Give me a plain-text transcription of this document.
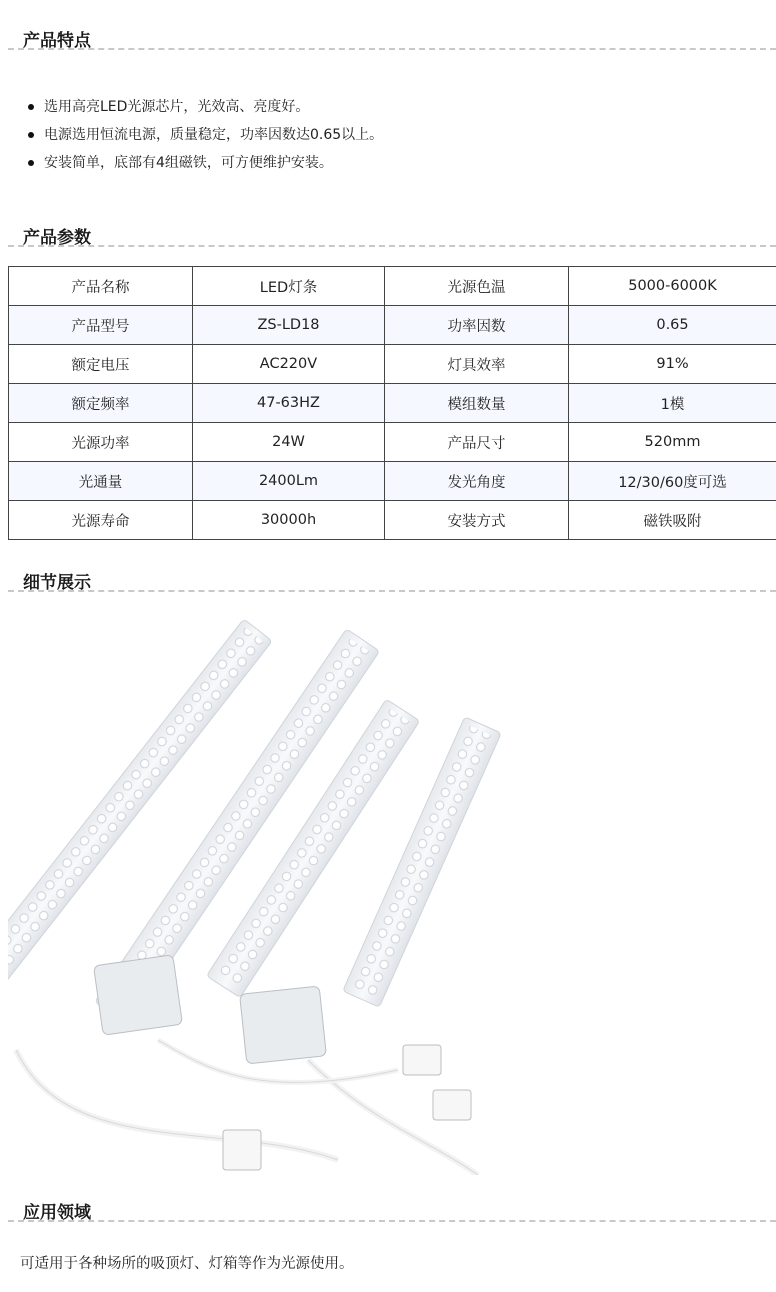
产品特点
选用高亮LED光源芯片，光效高、亮度好。
电源选用恒流电源，质量稳定，功率因数达0.65以上。
安装简单，底部有4组磁铁，可方便维护安装。
产品参数
产品名称	LED灯条	光源色温	5000-6000K
产品型号	ZS-LD18	功率因数	0.65
额定电压	AC220V	灯具效率	91%
额定频率	47-63HZ	模组数量	1模
光源功率	24W	产品尺寸	520mm
光通量	2400Lm	发光角度	12/30/60度可选
光源寿命	30000h	安装方式	磁铁吸附
细节展示
应用领域
可适用于各种场所的吸顶灯、灯箱等作为光源使用。
